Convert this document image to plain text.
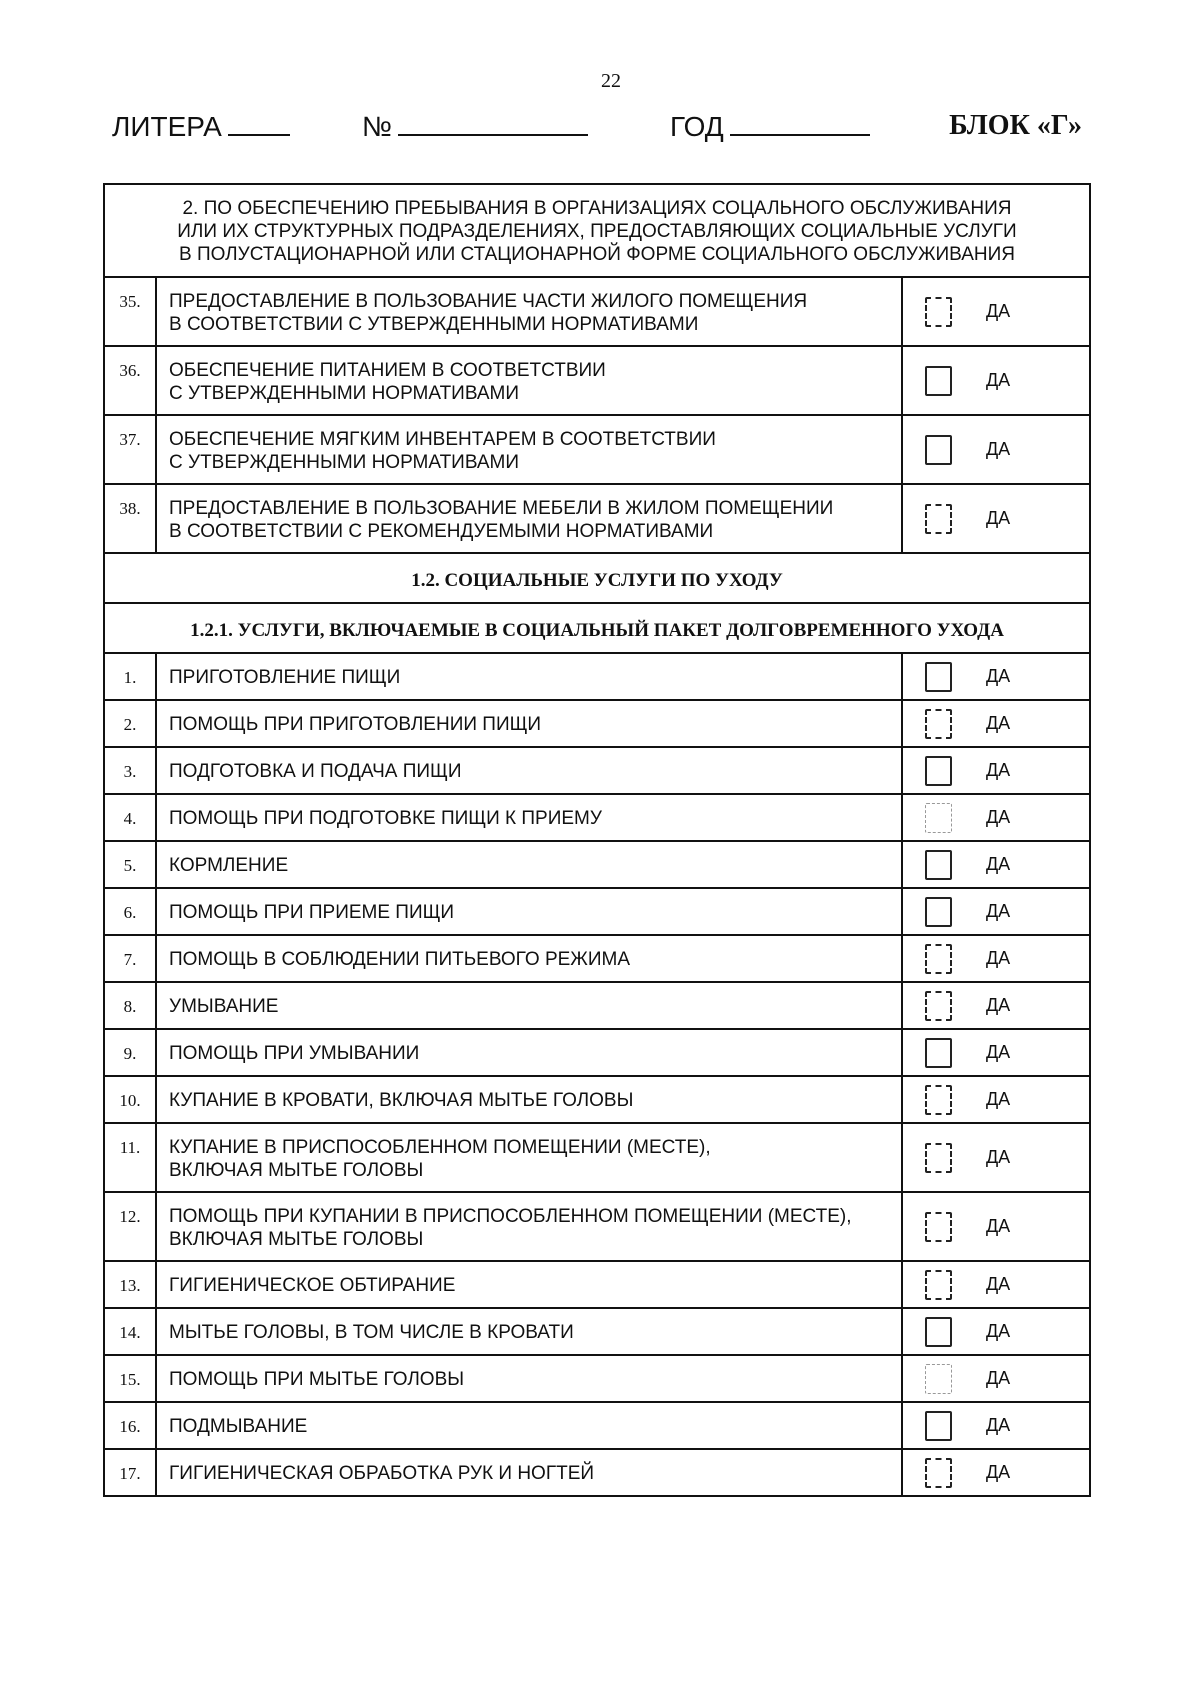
22
ЛИТЕРА	№	ГОД	БЛОК «Г»
2. ПО ОБЕСПЕЧЕНИЮ ПРЕБЫВАНИЯ В ОРГАНИЗАЦИЯХ СОЦАЛЬНОГО ОБСЛУЖИВАНИЯ
ИЛИ ИХ СТРУКТУРНЫХ ПОДРАЗДЕЛЕНИЯХ, ПРЕДОСТАВЛЯЮЩИХ СОЦИАЛЬНЫЕ УСЛУГИ
В ПОЛУСТАЦИОНАРНОЙ ИЛИ СТАЦИОНАРНОЙ ФОРМЕ СОЦИАЛЬНОГО ОБСЛУЖИВАНИЯ		

35.	ПРЕДОСТАВЛЕНИЕ В ПОЛЬЗОВАНИЕ ЧАСТИ ЖИЛОГО ПОМЕЩЕНИЯ
В СООТВЕТСТВИИ С УТВЕРЖДЕННЫМИ НОРМАТИВАМИ	ДА

36.	ОБЕСПЕЧЕНИЕ ПИТАНИЕМ В СООТВЕТСТВИИ
С УТВЕРЖДЕННЫМИ НОРМАТИВАМИ	ДА

37.	ОБЕСПЕЧЕНИЕ МЯГКИМ ИНВЕНТАРЕМ В СООТВЕТСТВИИ
С УТВЕРЖДЕННЫМИ НОРМАТИВАМИ	ДА

38.	ПРЕДОСТАВЛЕНИЕ В ПОЛЬЗОВАНИЕ МЕБЕЛИ В ЖИЛОМ ПОМЕЩЕНИИ
В СООТВЕТСТВИИ С РЕКОМЕНДУЕМЫМИ НОРМАТИВАМИ	ДА

1.2. СОЦИАЛЬНЫЕ УСЛУГИ ПО УХОДУ		
1.2.1. УСЛУГИ, ВКЛЮЧАЕМЫЕ В СОЦИАЛЬНЫЙ ПАКЕТ ДОЛГОВРЕМЕННОГО УХОДА		
1.	ПРИГОТОВЛЕНИЕ ПИЩИ	ДА

2.	ПОМОЩЬ ПРИ ПРИГОТОВЛЕНИИ ПИЩИ	ДА

3.	ПОДГОТОВКА И ПОДАЧА ПИЩИ	ДА

4.	ПОМОЩЬ ПРИ ПОДГОТОВКЕ ПИЩИ К ПРИЕМУ	ДА

5.	КОРМЛЕНИЕ	ДА

6.	ПОМОЩЬ ПРИ ПРИЕМЕ ПИЩИ	ДА

7.	ПОМОЩЬ В СОБЛЮДЕНИИ ПИТЬЕВОГО РЕЖИМА	ДА

8.	УМЫВАНИЕ	ДА

9.	ПОМОЩЬ ПРИ УМЫВАНИИ	ДА

10.	КУПАНИЕ В КРОВАТИ, ВКЛЮЧАЯ МЫТЬЕ ГОЛОВЫ	ДА

11.	КУПАНИЕ В ПРИСПОСОБЛЕННОМ ПОМЕЩЕНИИ (МЕСТЕ),
ВКЛЮЧАЯ МЫТЬЕ ГОЛОВЫ	ДА

12.	ПОМОЩЬ ПРИ КУПАНИИ В ПРИСПОСОБЛЕННОМ ПОМЕЩЕНИИ (МЕСТЕ),
ВКЛЮЧАЯ МЫТЬЕ ГОЛОВЫ	ДА

13.	ГИГИЕНИЧЕСКОЕ ОБТИРАНИЕ	ДА

14.	МЫТЬЕ ГОЛОВЫ, В ТОМ ЧИСЛЕ В КРОВАТИ	ДА

15.	ПОМОЩЬ ПРИ МЫТЬЕ ГОЛОВЫ	ДА

16.	ПОДМЫВАНИЕ	ДА

17.	ГИГИЕНИЧЕСКАЯ ОБРАБОТКА РУК И НОГТЕЙ	ДА
